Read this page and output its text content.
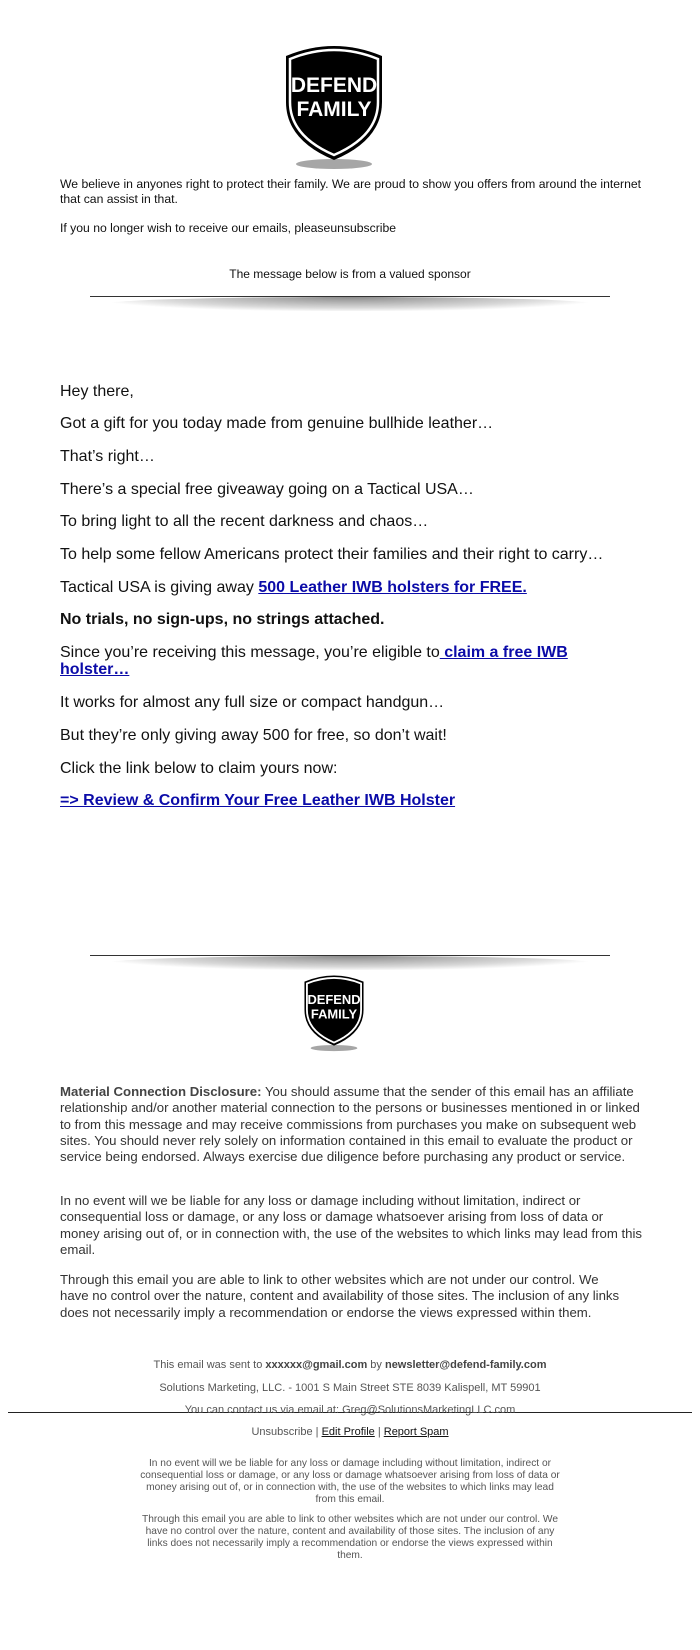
DEFEND
FAMILY

We believe in anyones right to protect their family. We are proud to show you offers from around the internet that can assist in that.

If you no longer wish to receive our emails, pleaseunsubscribe

The message below is from a valued sponsor

Hey there,

Got a gift for you today made from genuine bullhide leather…

That’s right…

There’s a special free giveaway going on a Tactical USA…

To bring light to all the recent darkness and chaos…

To help some fellow Americans protect their families and their right to carry…

Tactical USA is giving away 500 Leather IWB holsters for FREE.

No trials, no sign-ups, no strings attached.

Since you’re receiving this message, you’re eligible to claim a free IWB holster…

It works for almost any full size or compact handgun…

But they’re only giving away 500 for free, so don’t wait!

Click the link below to claim yours now:

=> Review & Confirm Your Free Leather IWB Holster

DEFEND
FAMILY

Material Connection Disclosure: You should assume that the sender of this email has an affiliate relationship and/or another material connection to the persons or businesses mentioned in or linked to from this message and may receive commissions from purchases you make on subsequent web sites. You should never rely solely on information contained in this email to evaluate the product or service being endorsed. Always exercise due diligence before purchasing any product or service.

In no event will we be liable for any loss or damage including without limitation, indirect or consequential loss or damage, or any loss or damage whatsoever arising from loss of data or money arising out of, or in connection with, the use of the websites to which links may lead from this email.

Through this email you are able to link to other websites which are not under our control. We have no control over the nature, content and availability of those sites. The inclusion of any links does not necessarily imply a recommendation or endorse the views expressed within them.

This email was sent to xxxxxx@gmail.com by newsletter@defend-family.com

Solutions Marketing, LLC. - 1001 S Main Street STE 8039 Kalispell, MT 59901

You can contact us via email at: Greg@SolutionsMarketingLLC.com

Unsubscribe | Edit Profile | Report Spam

In no event will we be liable for any loss or damage including without limitation, indirect or consequential loss or damage, or any loss or damage whatsoever arising from loss of data or money arising out of, or in connection with, the use of the websites to which links may lead from this email.

Through this email you are able to link to other websites which are not under our control. We have no control over the nature, content and availability of those sites. The inclusion of any links does not necessarily imply a recommendation or endorse the views expressed within them.
